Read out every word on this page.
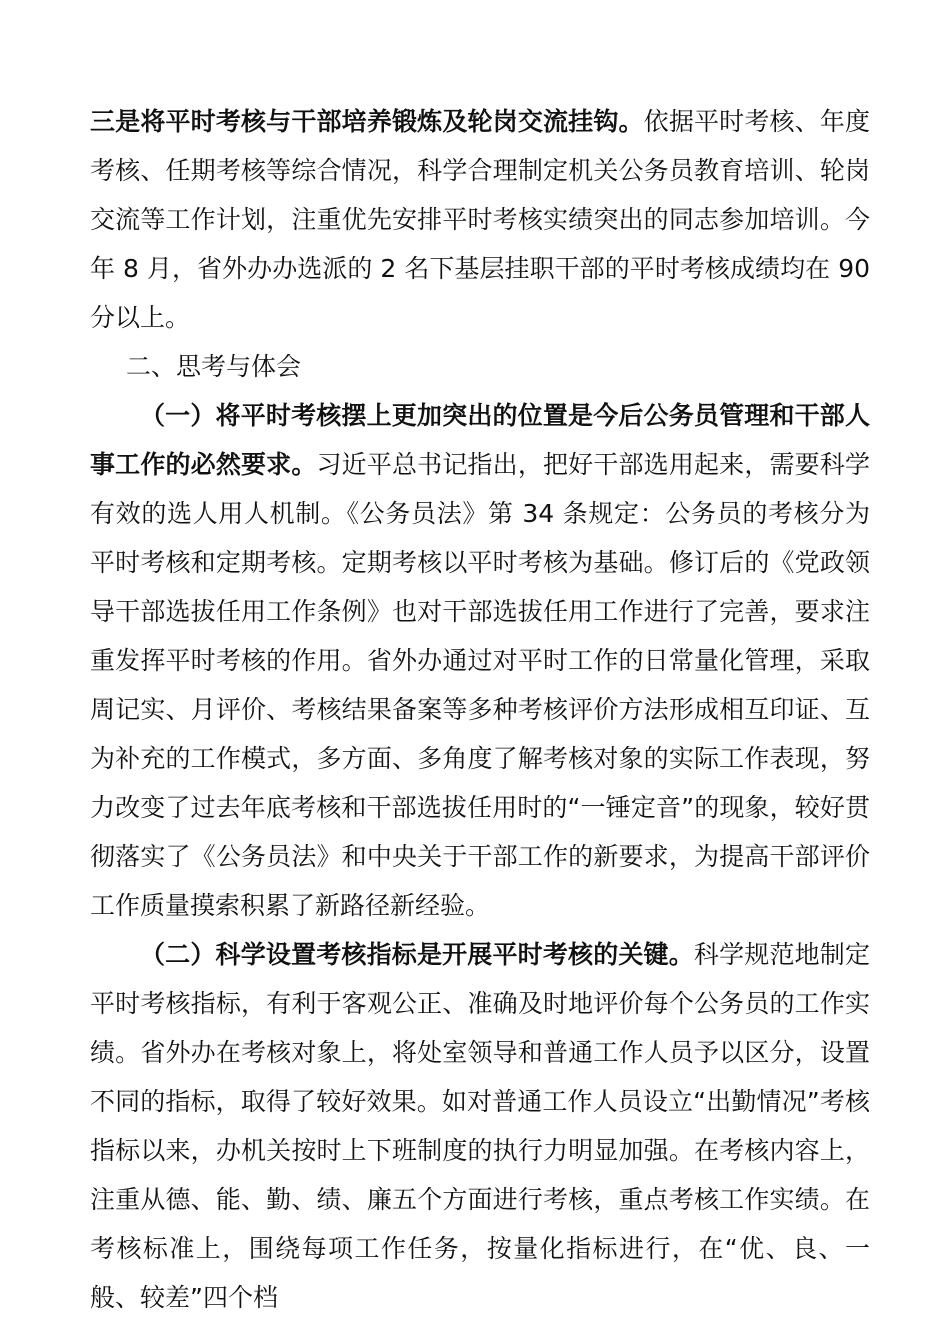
三是将平时考核与干部培养锻炼及轮岗交流挂钩。依据平时考核、年度考核、任期考核等综合情况，科学合理制定机关公务员教育培训、轮岗交流等工作计划，注重优先安排平时考核实绩突出的同志参加培训。今年 8 月，省外办办选派的 2 名下基层挂职干部的平时考核成绩均在 90 分以上。

二、思考与体会

（一）将平时考核摆上更加突出的位置是今后公务员管理和干部人事工作的必然要求。习近平总书记指出，把好干部选用起来，需要科学有效的选人用人机制。《公务员法》第 34 条规定：公务员的考核分为平时考核和定期考核。定期考核以平时考核为基础。修订后的《党政领导干部选拔任用工作条例》也对干部选拔任用工作进行了完善，要求注重发挥平时考核的作用。省外办通过对平时工作的日常量化管理，采取周记实、月评价、考核结果备案等多种考核评价方法形成相互印证、互为补充的工作模式，多方面、多角度了解考核对象的实际工作表现，努力改变了过去年底考核和干部选拔任用时的“一锤定音”的现象，较好贯彻落实了《公务员法》和中央关于干部工作的新要求，为提高干部评价工作质量摸索积累了新路径新经验。

（二）科学设置考核指标是开展平时考核的关键。科学规范地制定平时考核指标，有利于客观公正、准确及时地评价每个公务员的工作实绩。省外办在考核对象上，将处室领导和普通工作人员予以区分，设置不同的指标，取得了较好效果。如对普通工作人员设立“出勤情况”考核指标以来，办机关按时上下班制度的执行力明显加强。在考核内容上，注重从德、能、勤、绩、廉五个方面进行考核，重点考核工作实绩。在考核标准上，围绕每项工作任务，按量化指标进行，在“优、良、一般、较差”四个档
